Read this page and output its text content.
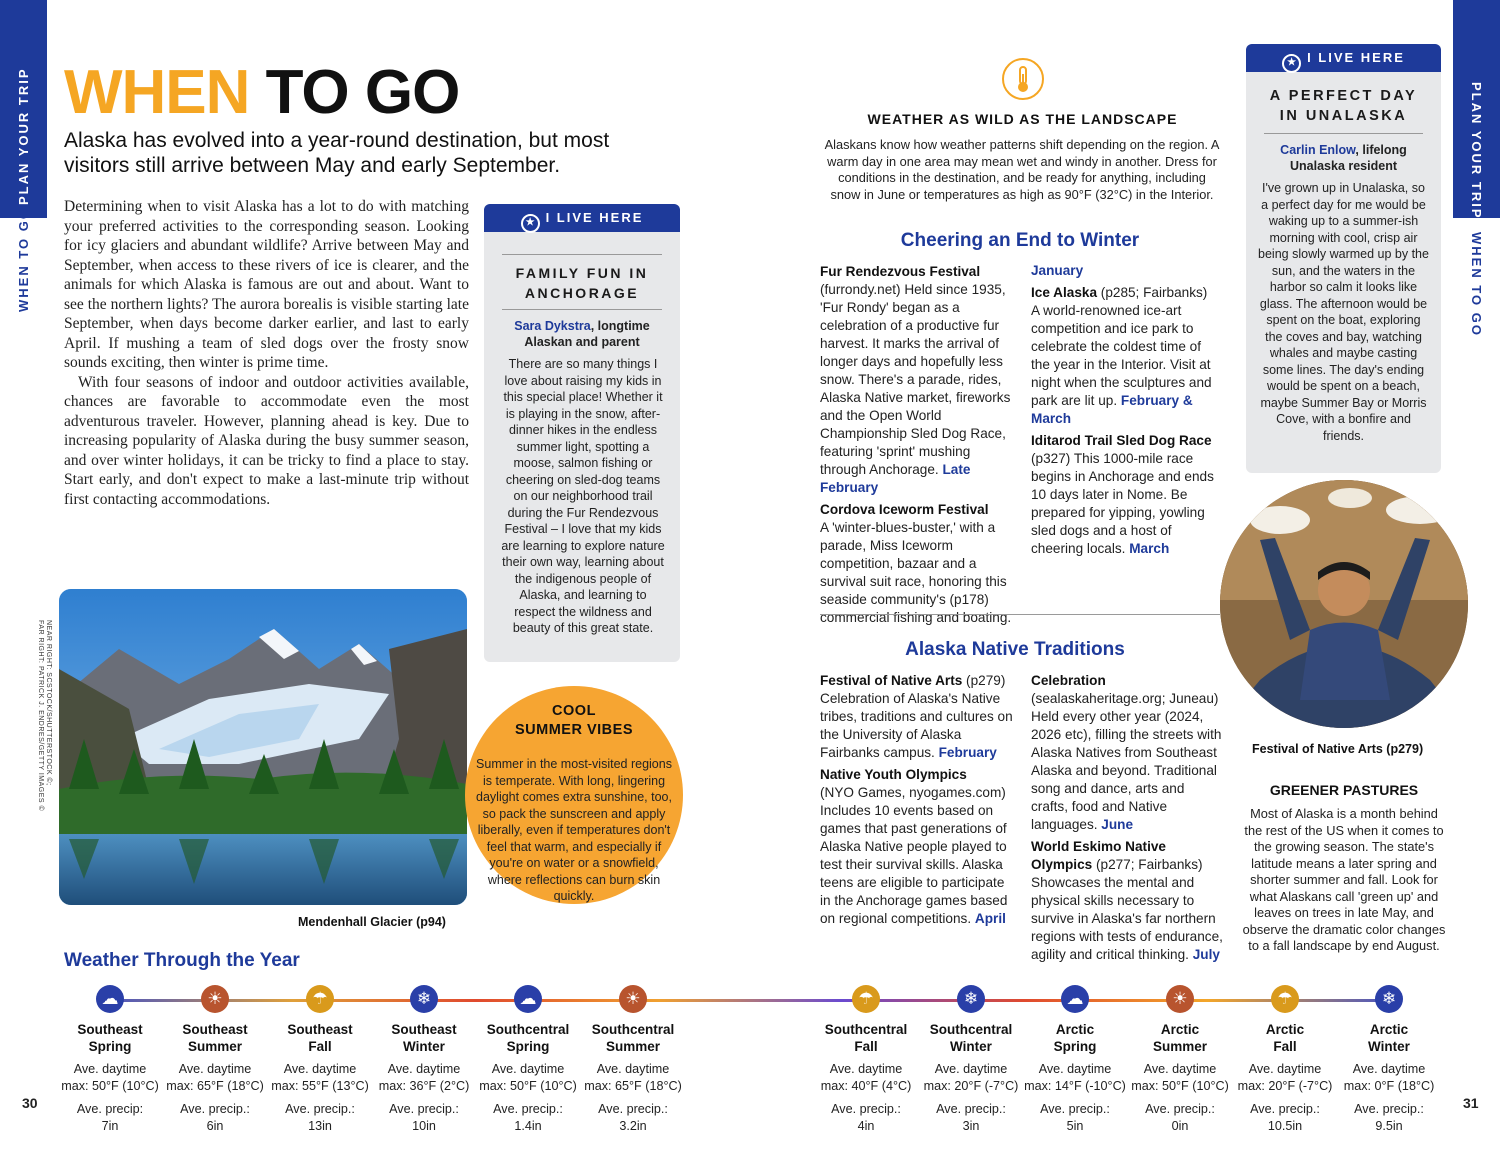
PLAN YOUR TRIP
WHEN TO GO
30
PLAN YOUR TRIP
WHEN TO GO
31
WHEN TO GO
Alaska has evolved into a year-round destination, but most visitors still arrive between May and early September.

Determining when to visit Alaska has a lot to do with matching your preferred activities to the corresponding season. Looking for icy glaciers and abundant wildlife? Arrive between May and September, when access to these rivers of ice is clearer, and the animals for which Alaska is famous are out and about. Want to see the northern lights? The aurora borealis is visible starting late September, when days become darker earlier, and last to early April. If mushing a team of sled dogs over the frosty snow sounds exciting, then winter is prime time.

With four seasons of indoor and outdoor activities available, chances are favorable to accommodate even the most adventurous traveler. However, planning ahead is key. Due to increasing popularity of Alaska during the busy summer season, and over winter holidays, it can be tricky to find a place to stay. Start early, and don't expect to make a last-minute trip without first contacting accommodations.

★ I LIVE HERE
FAMILY FUN IN
ANCHORAGE
Sara Dykstra, longtime
Alaskan and parent
There are so many things I love about raising my kids in this special place! Whether it is playing in the snow, after-dinner hikes in the endless summer light, spotting a moose, salmon fishing or cheering on sled-dog teams on our neighborhood trail during the Fur Rendezvous Festival – I love that my kids are learning to explore nature their own way, learning about the indigenous people of Alaska, and learning to respect the wildness and beauty of this great state.
★ I LIVE HERE
A PERFECT DAY
IN UNALASKA
Carlin Enlow, lifelong
Unalaska resident
I've grown up in Unalaska, so a perfect day for me would be waking up to a summer-ish morning with cool, crisp air being slowly warmed up by the sun, and the waters in the harbor so calm it looks like glass. The afternoon would be spent on the boat, exploring the coves and bay, watching whales and maybe casting some lines. The day's ending would be spent on a beach, maybe Summer Bay or Morris Cove, with a bonfire and friends.
WEATHER AS WILD AS THE LANDSCAPE
Alaskans know how weather patterns shift depending on the region. A warm day in one area may mean wet and windy in another. Dress for conditions in the destination, and be ready for anything, including snow in June or temperatures as high as 90°F (32°C) in the Interior.
Cheering an End to Winter

Fur Rendezvous Festival
(furrondy.net) Held since 1935, 'Fur Rondy' began as a celebration of a productive fur harvest. It marks the arrival of longer days and hopefully less snow. There's a parade, rides, Alaska Native market, fireworks and the Open World Championship Sled Dog Race, featuring 'sprint' mushing through Anchorage. Late February

Cordova Iceworm Festival
A 'winter-blues-buster,' with a parade, Miss Iceworm competition, bazaar and a survival suit race, honoring this seaside community's (p178) commercial fishing and boating.

January

Ice Alaska (p285; Fairbanks)
A world-renowned ice-art competition and ice park to celebrate the coldest time of the year in the Interior. Visit at night when the sculptures and park are lit up. February & March

Iditarod Trail Sled Dog Race
(p327) This 1000-mile race begins in Anchorage and ends 10 days later in Nome. Be prepared for yipping, yowling sled dogs and a host of cheering locals. March

Alaska Native Traditions

Festival of Native Arts (p279)
Celebration of Alaska's Native tribes, traditions and cultures on the University of Alaska Fairbanks campus. February

Native Youth Olympics
(NYO Games, nyogames.com) Includes 10 events based on games that past generations of Alaska Native people played to test their survival skills. Alaska teens are eligible to participate in the Anchorage games based on regional competitions. April

Celebration (sealaskaheritage.org; Juneau) Held every other year (2024, 2026 etc), filling the streets with Alaska Natives from Southeast Alaska and beyond. Traditional song and dance, arts and crafts, food and Native languages. June

World Eskimo Native Olympics (p277; Fairbanks) Showcases the mental and physical skills necessary to survive in Alaska's far northern regions with tests of endurance, agility and critical thinking. July

Mendenhall Glacier (p94)
NEAR RIGHT: SCSTOCK/SHUTTERSTOCK ©;
FAR RIGHT: PATRICK J. ENDRES/GETTY IMAGES ©	COOL
SUMMER VIBES
Summer in the most-visited regions is temperate. With long, lingering daylight comes extra sunshine, too, so pack the sunscreen and apply liberally, even if temperatures don't feel that warm, and especially if you're on water or a snowfield, where reflections can burn skin quickly.
Festival of Native Arts (p279)
GREENER PASTURES
Most of Alaska is a month behind the rest of the US when it comes to the growing season. The state's latitude means a later spring and shorter summer and fall. Look for what Alaskans call 'green up' and leaves on trees in late May, and observe the dramatic color changes to a fall landscape by end August.
Weather Through the Year
☁
Southeast
Spring
Ave. daytime
max: 50°F (10°C)
Ave. precip:
7in
☀
Southeast
Summer
Ave. daytime
max: 65°F (18°C)
Ave. precip.:
6in
☂
Southeast
Fall
Ave. daytime
max: 55°F (13°C)
Ave. precip.:
13in
❄
Southeast
Winter
Ave. daytime
max: 36°F (2°C)
Ave. precip.:
10in
☁
Southcentral
Spring
Ave. daytime
max: 50°F (10°C)
Ave. precip.:
1.4in
☀
Southcentral
Summer
Ave. daytime
max: 65°F (18°C)
Ave. precip.:
3.2in
☂
Southcentral
Fall
Ave. daytime
max: 40°F (4°C)
Ave. precip.:
4in
❄
Southcentral
Winter
Ave. daytime
max: 20°F (-7°C)
Ave. precip.:
3in
☁
Arctic
Spring
Ave. daytime
max: 14°F (-10°C)
Ave. precip.:
5in
☀
Arctic
Summer
Ave. daytime
max: 50°F (10°C)
Ave. precip.:
0in
☂
Arctic
Fall
Ave. daytime
max: 20°F (-7°C)
Ave. precip.:
10.5in
❄
Arctic
Winter
Ave. daytime
max: 0°F (18°C)
Ave. precip.:
9.5in
